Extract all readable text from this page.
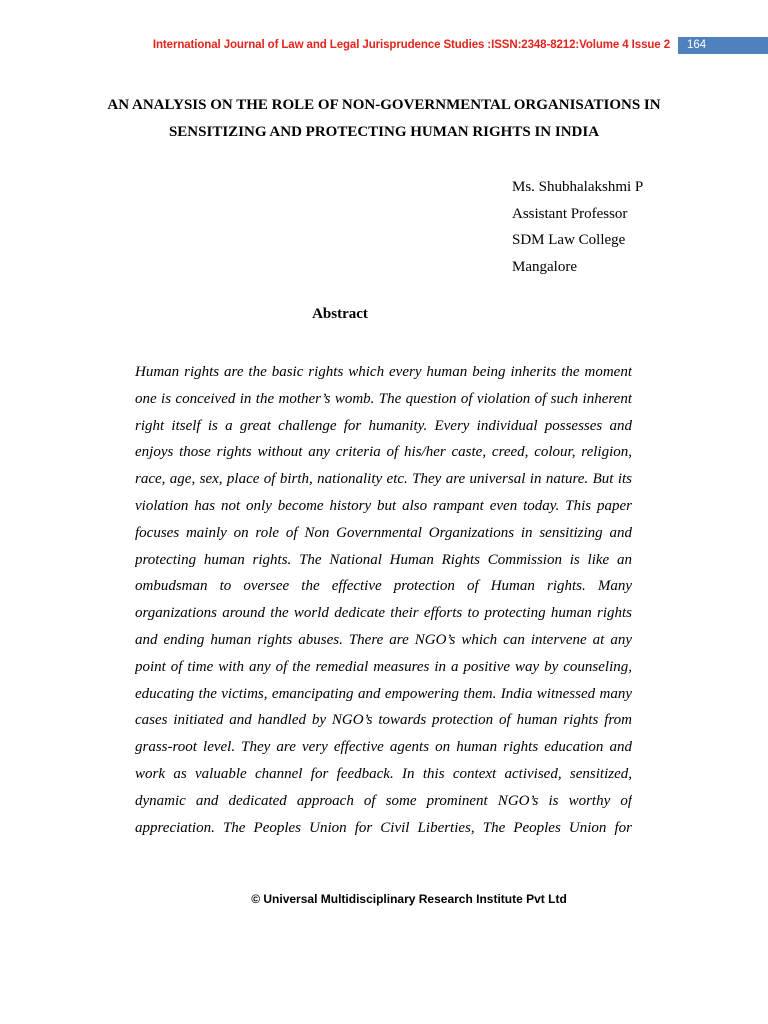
International Journal of Law and Legal Jurisprudence Studies :ISSN:2348-8212:Volume 4 Issue 2	164
AN ANALYSIS ON THE ROLE OF NON-GOVERNMENTAL ORGANISATIONS IN
SENSITIZING AND PROTECTING HUMAN RIGHTS IN INDIA
Ms. Shubhalakshmi P
Assistant Professor
SDM Law College
Mangalore
Abstract
Human rights are the basic rights which every human being inherits the moment
one is conceived in the mother’s womb. The question of violation of such inherent
right itself is a great challenge for humanity. Every individual possesses and
enjoys those rights without any criteria of his/her caste, creed, colour, religion,
race, age, sex, place of birth, nationality etc. They are universal in nature. But its
violation has not only become history but also rampant even today. This paper
focuses mainly on role of Non Governmental Organizations in sensitizing and
protecting human rights. The National Human Rights Commission is like an
ombudsman to oversee the effective protection of Human rights. Many
organizations around the world dedicate their efforts to protecting human rights
and ending human rights abuses. There are NGO’s which can intervene at any
point of time with any of the remedial measures in a positive way by counseling,
educating the victims, emancipating and empowering them. India witnessed many
cases initiated and handled by NGO’s towards protection of human rights from
grass-root level. They are very effective agents on human rights education and
work as valuable channel for feedback. In this context activised, sensitized,
dynamic and dedicated approach of some prominent NGO’s is worthy of
appreciation. The Peoples Union for Civil Liberties, The Peoples Union for
© Universal Multidisciplinary Research Institute Pvt Ltd
